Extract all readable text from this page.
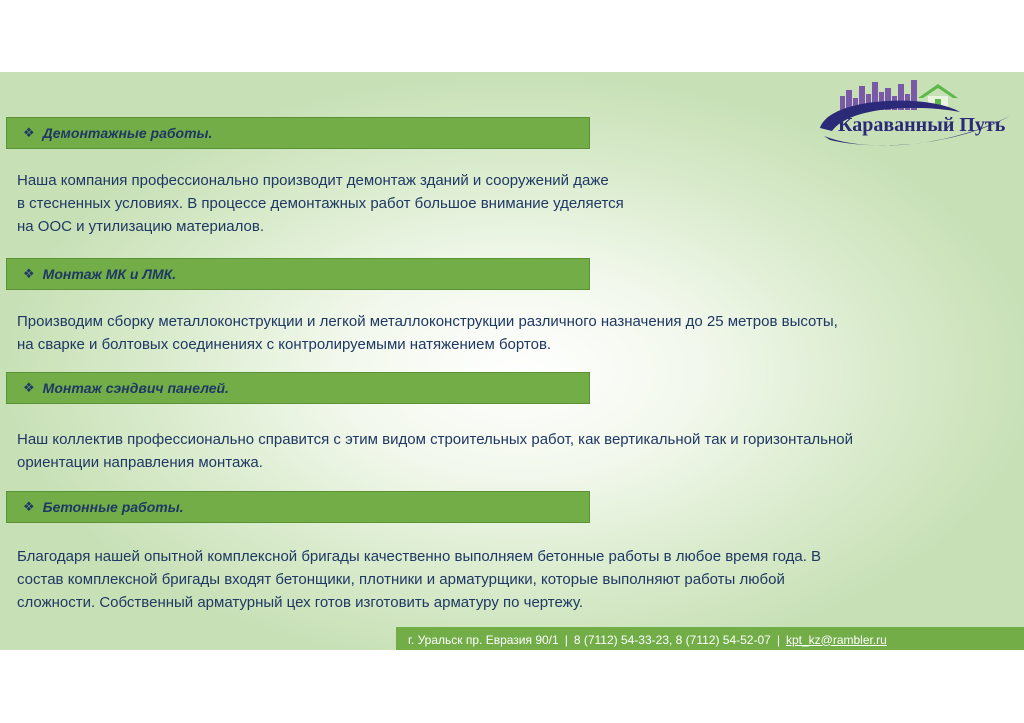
Караванный Путь
❖ Демонтажные работы.
Наша компания профессионально производит демонтаж зданий и сооружений даже
в стесненных условиях. В процессе демонтажных работ большое внимание уделяется
на ООС и утилизацию материалов.
❖ Монтаж МК и ЛМК.
Производим сборку металлоконструкции и легкой металлоконструкции различного назначения до 25 метров высоты,
на сварке и болтовых соединениях с контролируемыми натяжением бортов.
❖ Монтаж сэндвич панелей.
Наш коллектив профессионально справится с этим видом строительных работ, как вертикальной так и горизонтальной
ориентации направления монтажа.
❖ Бетонные работы.
Благодаря нашей опытной комплексной бригады качественно выполняем бетонные работы в любое время года. В
состав комплексной бригады входят бетонщики, плотники и арматурщики, которые выполняют работы любой
сложности. Собственный арматурный цех готов изготовить арматуру по чертежу.
г. Уральск пр. Евразия 90/1 | 8 (7112) 54-33-23, 8 (7112) 54-52-07 | kpt_kz@rambler.ru
